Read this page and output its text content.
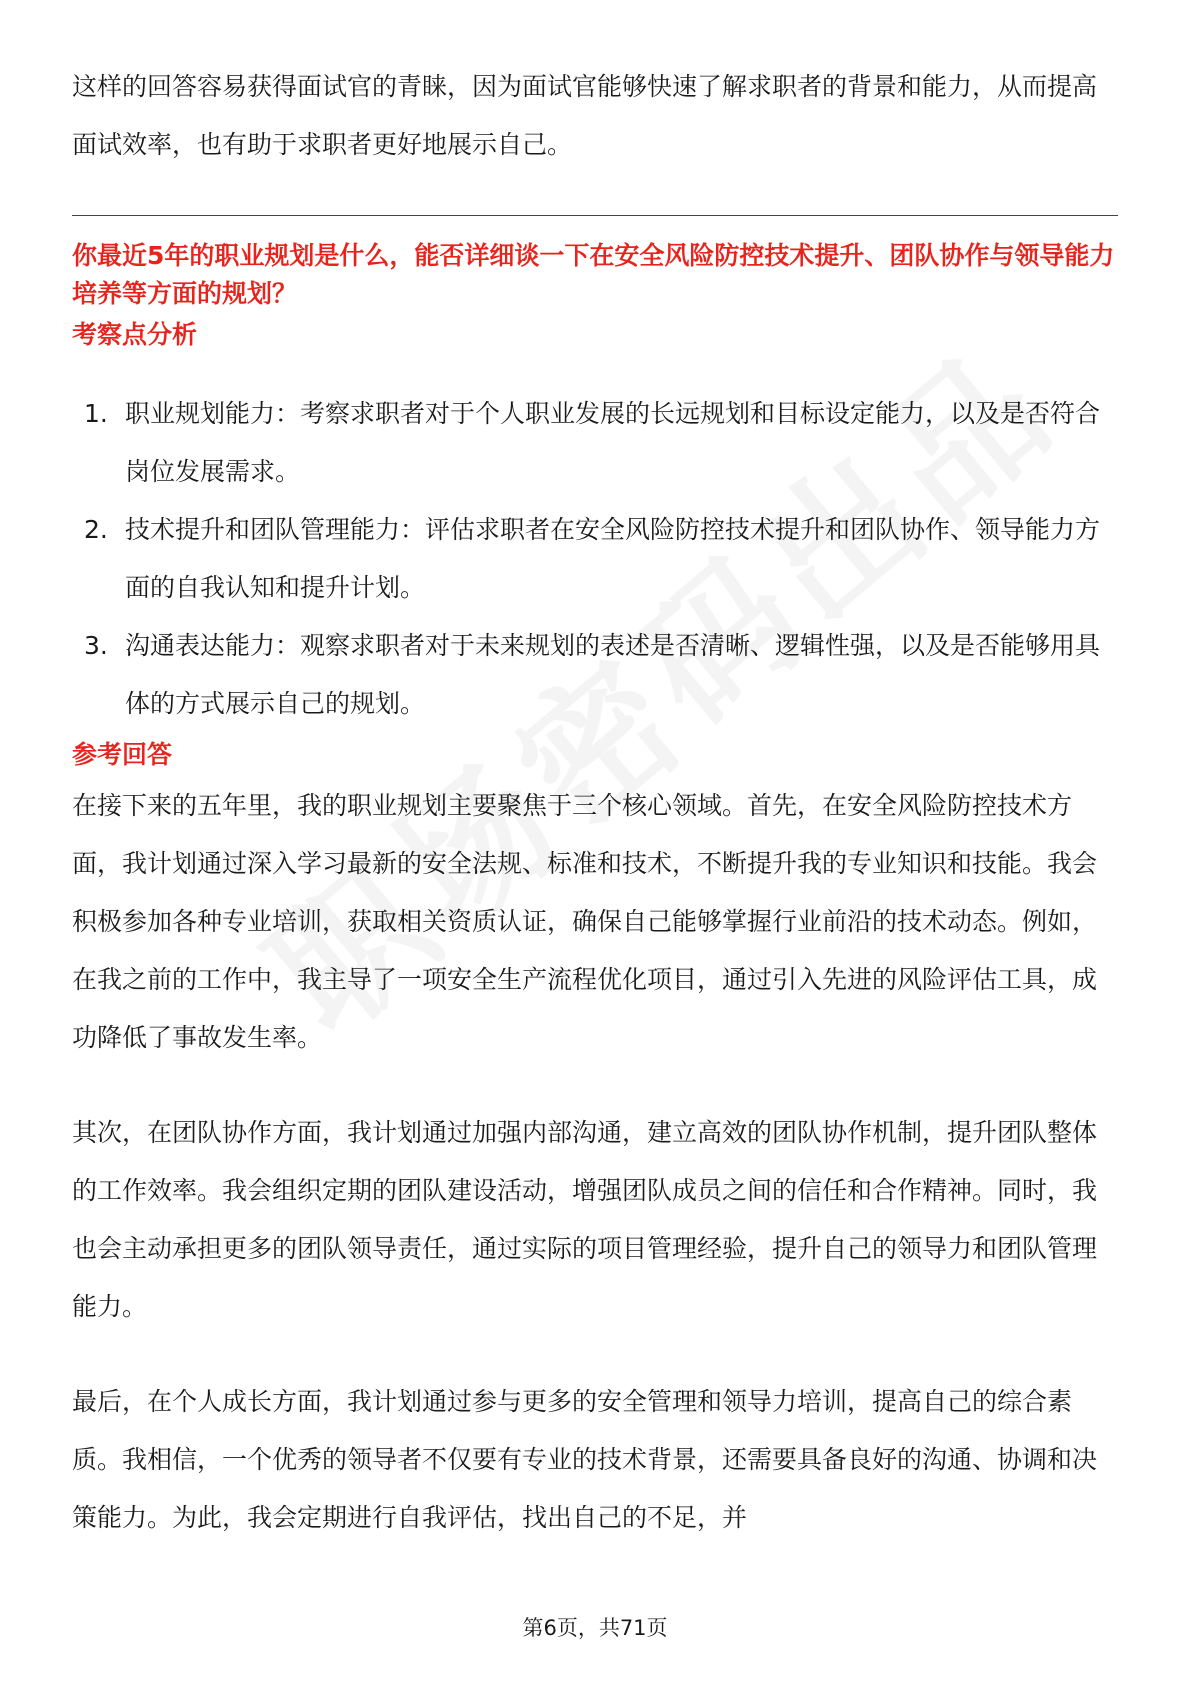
这样的回答容易获得面试官的青睐，因为面试官能够快速了解求职者的背景和能力，从而提高面试效率，也有助于求职者更好地展示自己。

你最近5年的职业规划是什么，能否详细谈一下在安全风险防控技术提升、团队协作与领导能力培养等方面的规划？
考察点分析
1. 职业规划能力：考察求职者对于个人职业发展的长远规划和目标设定能力，以及是否符合岗位发展需求。
2. 技术提升和团队管理能力：评估求职者在安全风险防控技术提升和团队协作、领导能力方面的自我认知和提升计划。
3. 沟通表达能力：观察求职者对于未来规划的表述是否清晰、逻辑性强，以及是否能够用具体的方式展示自己的规划。
参考回答

在接下来的五年里，我的职业规划主要聚焦于三个核心领域。首先，在安全风险防控技术方面，我计划通过深入学习最新的安全法规、标准和技术，不断提升我的专业知识和技能。我会积极参加各种专业培训，获取相关资质认证，确保自己能够掌握行业前沿的技术动态。例如，在我之前的工作中，我主导了一项安全生产流程优化项目，通过引入先进的风险评估工具，成功降低了事故发生率。

其次，在团队协作方面，我计划通过加强内部沟通，建立高效的团队协作机制，提升团队整体的工作效率。我会组织定期的团队建设活动，增强团队成员之间的信任和合作精神。同时，我也会主动承担更多的团队领导责任，通过实际的项目管理经验，提升自己的领导力和团队管理能力。

最后，在个人成长方面，我计划通过参与更多的安全管理和领导力培训，提高自己的综合素质。我相信，一个优秀的领导者不仅要有专业的技术背景，还需要具备良好的沟通、协调和决策能力。为此，我会定期进行自我评估，找出自己的不足，并

第6页，共71页
